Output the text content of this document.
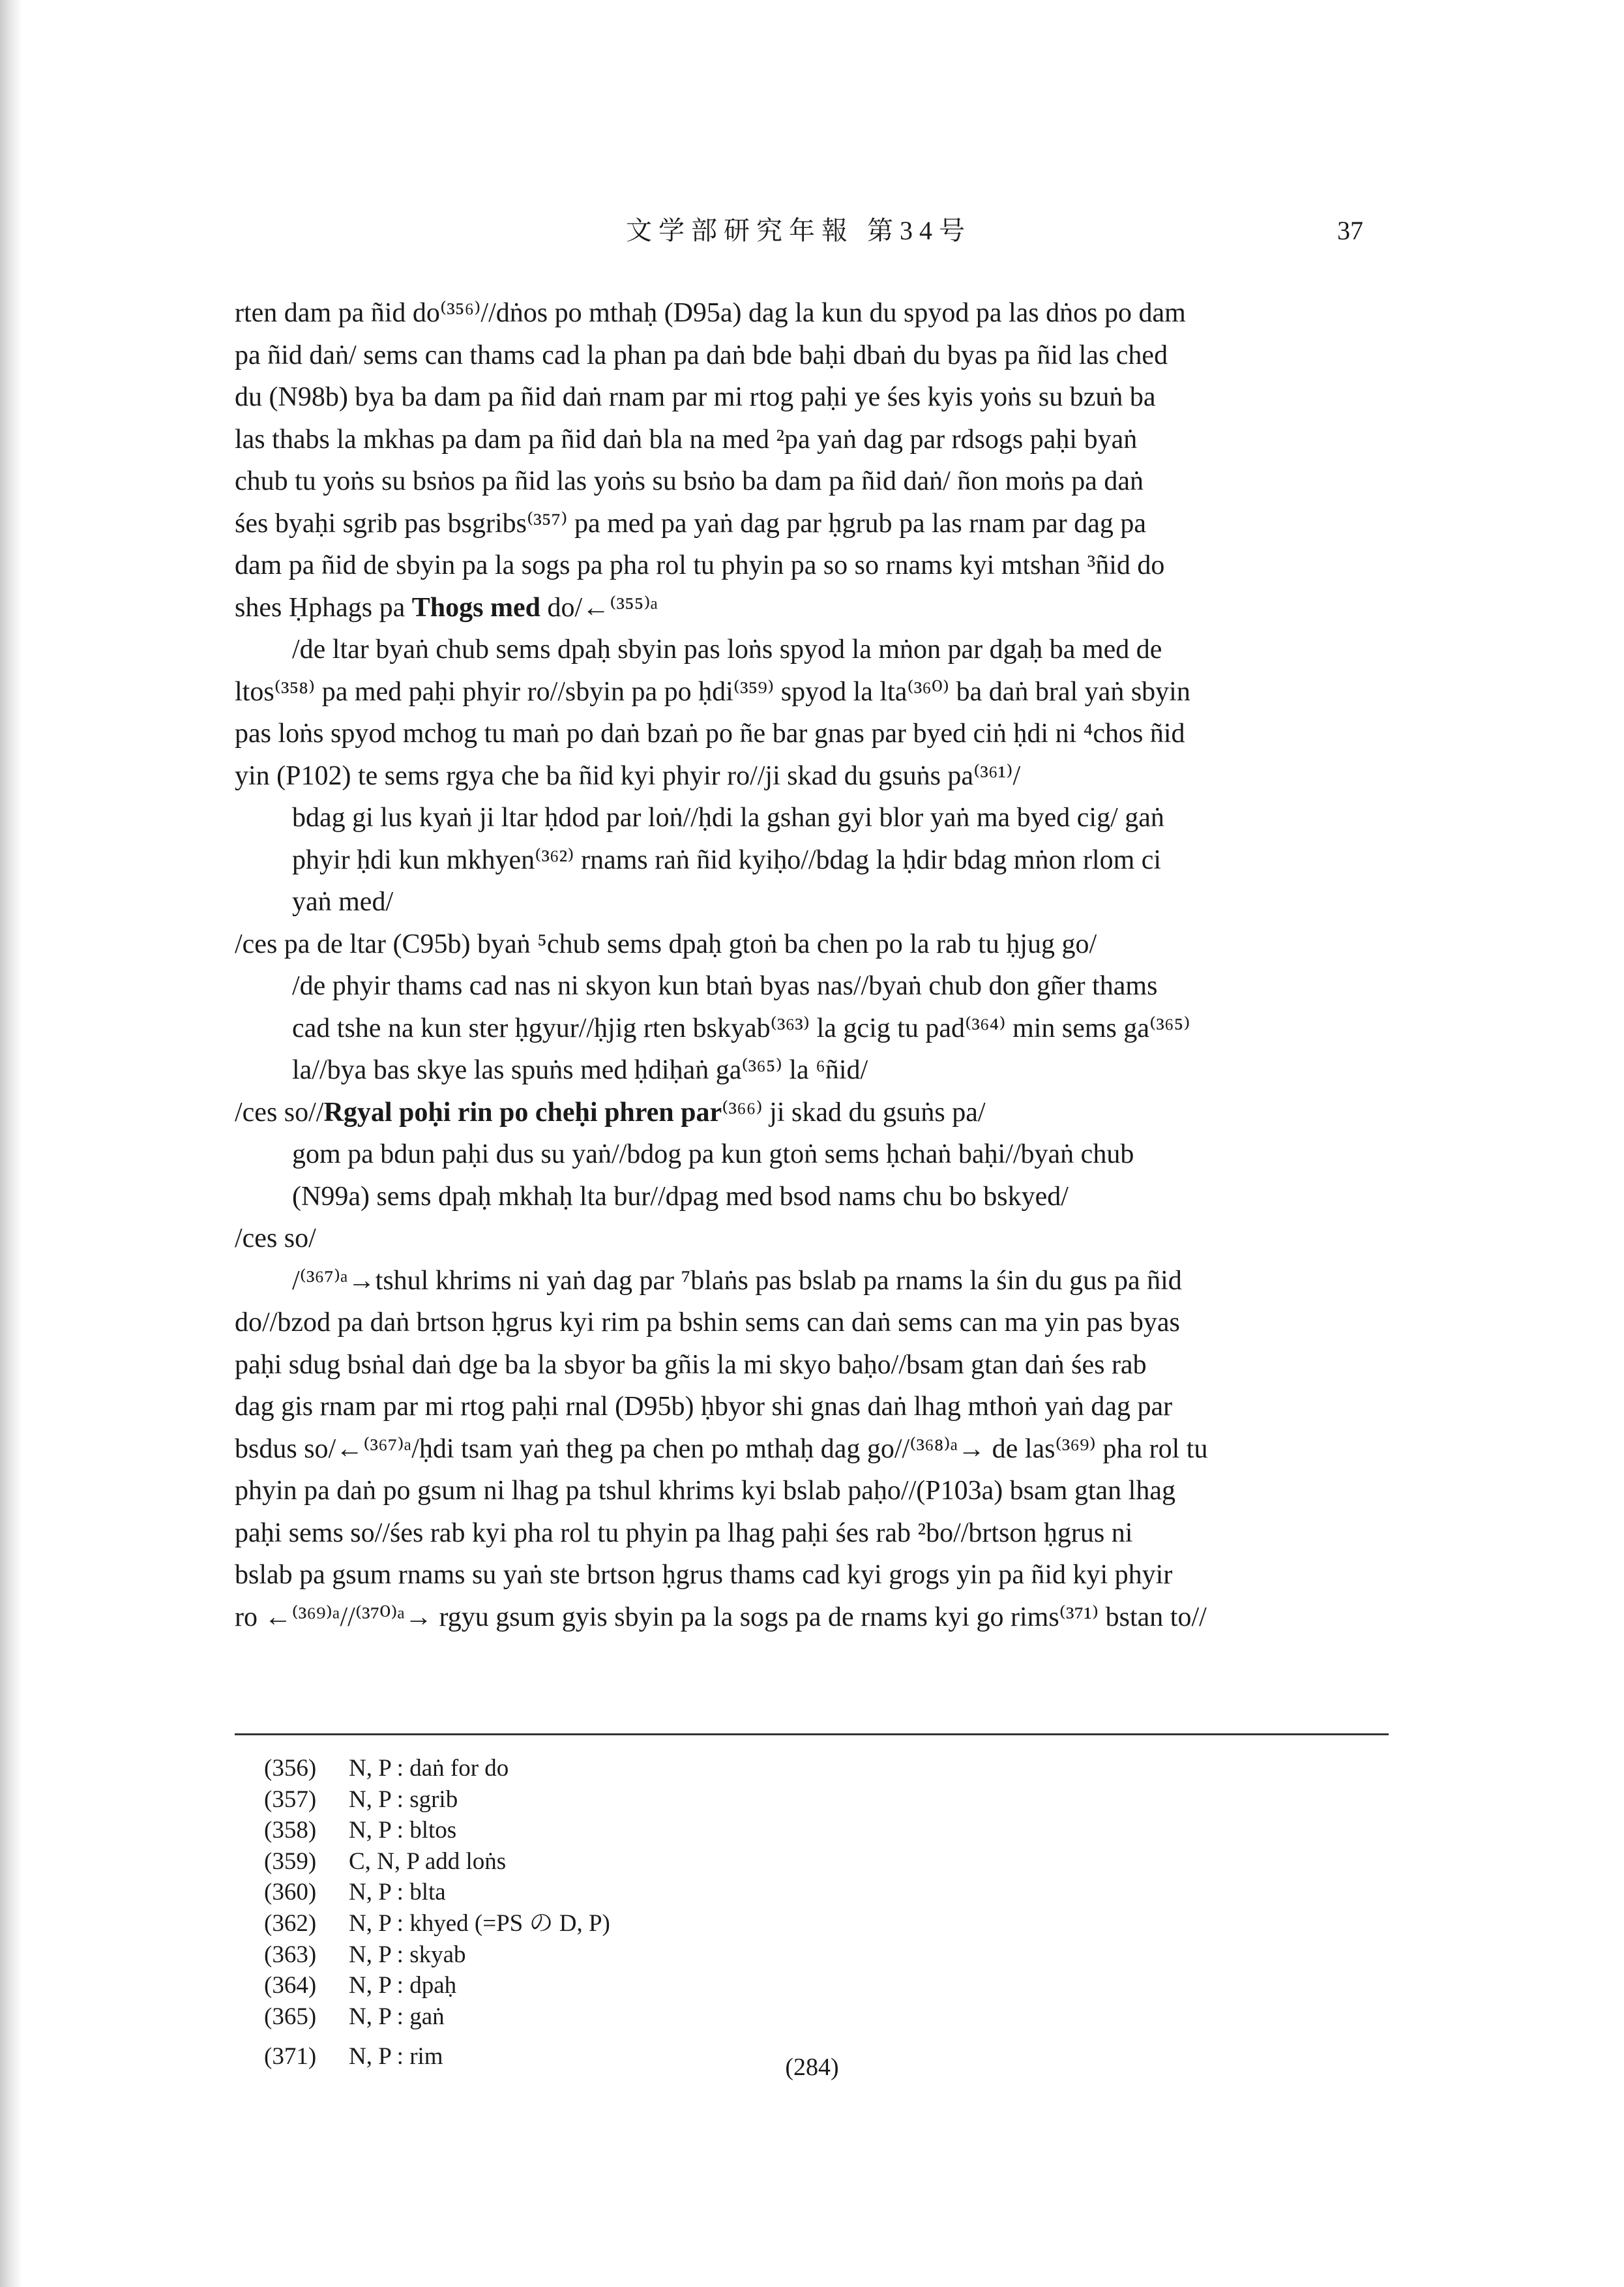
文学部研究年報 第34号	37
rten dam pa ñid do⁽³⁵⁶⁾//dṅos po mthaḥ (D95a) dag la kun du spyod pa las dṅos po dam
pa ñid daṅ/ sems can thams cad la phan pa daṅ bde baḥi dbaṅ du byas pa ñid las ched
du (N98b) bya ba dam pa ñid daṅ rnam par mi rtog paḥi ye śes kyis yoṅs su bzuṅ ba
las thabs la mkhas pa dam pa ñid daṅ bla na med ²pa yaṅ dag par rdsogs paḥi byaṅ
chub tu yoṅs su bsṅos pa ñid las yoṅs su bsṅo ba dam pa ñid daṅ/ ñon moṅs pa daṅ
śes byaḥi sgrib pas bsgribs⁽³⁵⁷⁾ pa med pa yaṅ dag par ḥgrub pa las rnam par dag pa
dam pa ñid de sbyin pa la sogs pa pha rol tu phyin pa so so rnams kyi mtshan ³ñid do
shes Ḥphags pa Thogs med do/←⁽³⁵⁵⁾ᵃ
/de ltar byaṅ chub sems dpaḥ sbyin pas loṅs spyod la mṅon par dgaḥ ba med de
ltos⁽³⁵⁸⁾ pa med paḥi phyir ro//sbyin pa po ḥdi⁽³⁵⁹⁾ spyod la lta⁽³⁶⁰⁾ ba daṅ bral yaṅ sbyin
pas loṅs spyod mchog tu maṅ po daṅ bzaṅ po ñe bar gnas par byed ciṅ ḥdi ni ⁴chos ñid
yin (P102) te sems rgya che ba ñid kyi phyir ro//ji skad du gsuṅs pa⁽³⁶¹⁾/
bdag gi lus kyaṅ ji ltar ḥdod par loṅ//ḥdi la gshan gyi blor yaṅ ma byed cig/ gaṅ
phyir ḥdi kun mkhyen⁽³⁶²⁾ rnams raṅ ñid kyiḥo//bdag la ḥdir bdag mṅon rlom ci
yaṅ med/
/ces pa de ltar (C95b) byaṅ ⁵chub sems dpaḥ gtoṅ ba chen po la rab tu ḥjug go/
/de phyir thams cad nas ni skyon kun btaṅ byas nas//byaṅ chub don gñer thams
cad tshe na kun ster ḥgyur//ḥjig rten bskyab⁽³⁶³⁾ la gcig tu pad⁽³⁶⁴⁾ min sems ga⁽³⁶⁵⁾
la//bya bas skye las spuṅs med ḥdiḥaṅ ga⁽³⁶⁵⁾ la ⁶ñid/
/ces so//Rgyal poḥi rin po cheḥi phren par⁽³⁶⁶⁾ ji skad du gsuṅs pa/
gom pa bdun paḥi dus su yaṅ//bdog pa kun gtoṅ sems ḥchaṅ baḥi//byaṅ chub
(N99a) sems dpaḥ mkhaḥ lta bur//dpag med bsod nams chu bo bskyed/
/ces so/
/⁽³⁶⁷⁾ᵃ→tshul khrims ni yaṅ dag par ⁷blaṅs pas bslab pa rnams la śin du gus pa ñid
do//bzod pa daṅ brtson ḥgrus kyi rim pa bshin sems can daṅ sems can ma yin pas byas
paḥi sdug bsṅal daṅ dge ba la sbyor ba gñis la mi skyo baḥo//bsam gtan daṅ śes rab
dag gis rnam par mi rtog paḥi rnal (D95b) ḥbyor shi gnas daṅ lhag mthoṅ yaṅ dag par
bsdus so/←⁽³⁶⁷⁾ᵃ/ḥdi tsam yaṅ theg pa chen po mthaḥ dag go//⁽³⁶⁸⁾ᵃ→ de las⁽³⁶⁹⁾ pha rol tu
phyin pa daṅ po gsum ni lhag pa tshul khrims kyi bslab paḥo//(P103a) bsam gtan lhag
paḥi sems so//śes rab kyi pha rol tu phyin pa lhag paḥi śes rab ²bo//brtson ḥgrus ni
bslab pa gsum rnams su yaṅ ste brtson ḥgrus thams cad kyi grogs yin pa ñid kyi phyir
ro ←⁽³⁶⁹⁾ᵃ//⁽³⁷⁰⁾ᵃ→ rgyu gsum gyis sbyin pa la sogs pa de rnams kyi go rims⁽³⁷¹⁾ bstan to//
(356) N, P : daṅ for do
(357) N, P : sgrib
(358) N, P : bltos
(359) C, N, P add loṅs
(360) N, P : blta
(362) N, P : khyed (=PS の D, P)
(363) N, P : skyab
(364) N, P : dpaḥ
(365) N, P : gaṅ
(371) N, P : rim	(284)
